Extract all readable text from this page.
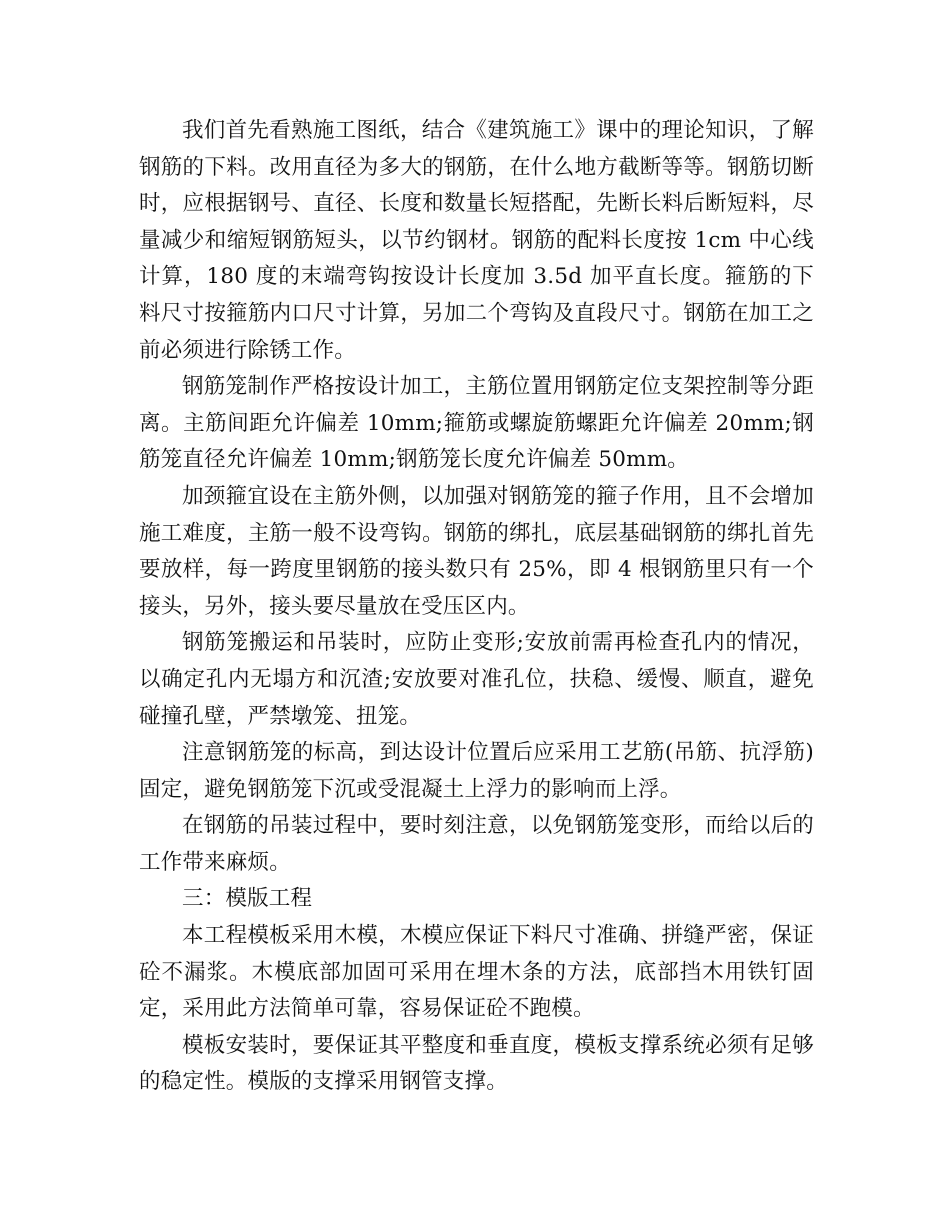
我们首先看熟施工图纸，结合《建筑施工》课中的理论知识，了解钢筋的下料。改用直径为多大的钢筋，在什么地方截断等等。钢筋切断时，应根据钢号、直径、长度和数量长短搭配，先断长料后断短料，尽量减少和缩短钢筋短头，以节约钢材。钢筋的配料长度按 1cm 中心线计算，180 度的末端弯钩按设计长度加 3.5d 加平直长度。箍筋的下料尺寸按箍筋内口尺寸计算，另加二个弯钩及直段尺寸。钢筋在加工之前必须进行除锈工作。

钢筋笼制作严格按设计加工，主筋位置用钢筋定位支架控制等分距离。主筋间距允许偏差 10mm;箍筋或螺旋筋螺距允许偏差 20mm;钢筋笼直径允许偏差 10mm;钢筋笼长度允许偏差 50mm。

加颈箍宜设在主筋外侧，以加强对钢筋笼的箍子作用，且不会增加施工难度，主筋一般不设弯钩。钢筋的绑扎，底层基础钢筋的绑扎首先要放样，每一跨度里钢筋的接头数只有 25%，即 4 根钢筋里只有一个接头，另外，接头要尽量放在受压区内。

钢筋笼搬运和吊装时，应防止变形;安放前需再检查孔内的情况，以确定孔内无塌方和沉渣;安放要对准孔位，扶稳、缓慢、顺直，避免碰撞孔壁，严禁墩笼、扭笼。

注意钢筋笼的标高，到达设计位置后应采用工艺筋(吊筋、抗浮筋)固定，避免钢筋笼下沉或受混凝土上浮力的影响而上浮。

在钢筋的吊装过程中，要时刻注意，以免钢筋笼变形，而给以后的工作带来麻烦。

三：模版工程

本工程模板采用木模，木模应保证下料尺寸准确、拼缝严密，保证砼不漏浆。木模底部加固可采用在埋木条的方法，底部挡木用铁钉固定，采用此方法简单可靠，容易保证砼不跑模。

模板安装时，要保证其平整度和垂直度，模板支撑系统必须有足够的稳定性。模版的支撑采用钢管支撑。
